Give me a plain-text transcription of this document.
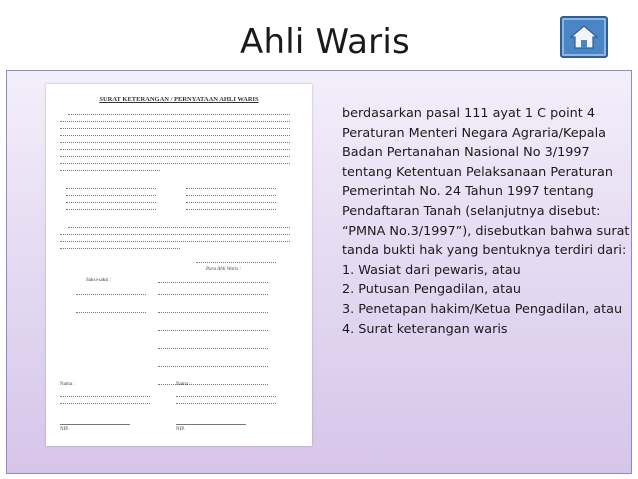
Ahli Waris
SURAT KETERANGAN / PERNYATAAN AHLI WARIS
Para Ahli Waris :
Saksi-saksi :
Nama :	Nama :
NIP.	NIP.
berdasarkan pasal 111 ayat 1 C point 4 Peraturan Menteri Negara Agraria/Kepala Badan Pertanahan Nasional No 3/1997 tentang Ketentuan Pelaksanaan Peraturan Pemerintah No. 24 Tahun 1997 tentang Pendaftaran Tanah (selanjutnya disebut: “PMNA No.3/1997”), disebutkan bahwa surat tanda bukti hak yang bentuknya terdiri dari:
1. Wasiat dari pewaris, atau
2. Putusan Pengadilan, atau
3. Penetapan hakim/Ketua Pengadilan, atau
4. Surat keterangan waris
